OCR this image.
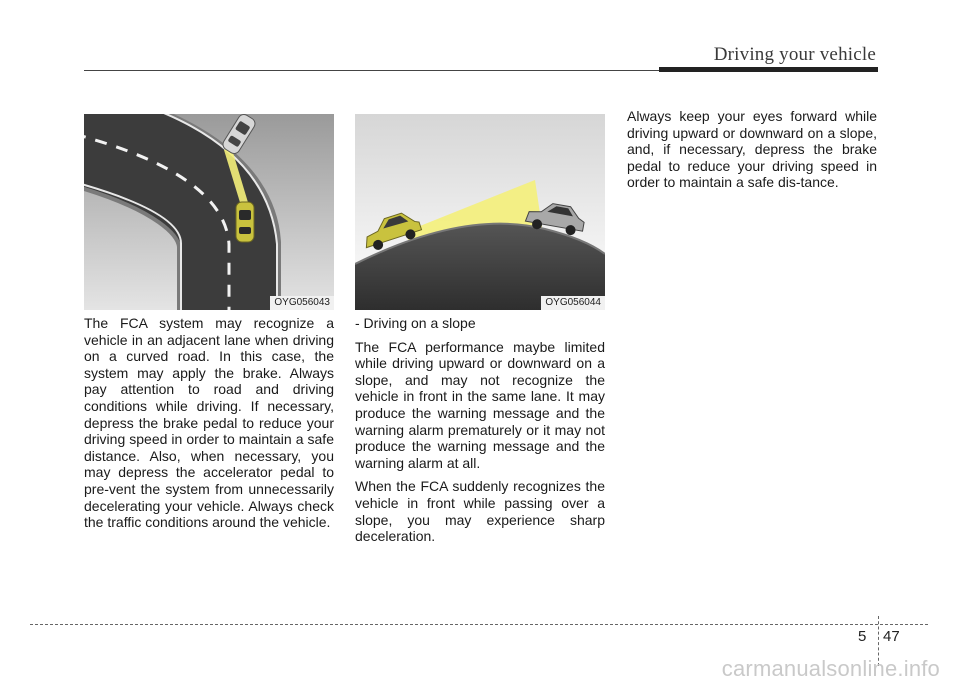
Driving your vehicle
OYG056043	OYG056044

The FCA system may recognize a vehicle in an adjacent lane when driving on a curved road. In this case, the system may apply the brake. Always pay attention to road and driving conditions while driving. If necessary, depress the brake pedal to reduce your driving speed in order to maintain a safe distance. Also, when necessary, you may depress the accelerator pedal to pre-vent the system from unnecessarily decelerating your vehicle. Always check the traffic conditions around the vehicle.

- Driving on a slope

The FCA performance maybe limited while driving upward or downward on a slope, and may not recognize the vehicle in front in the same lane. It may produce the warning message and the warning alarm prematurely or it may not produce the warning message and the warning alarm at all.

When the FCA suddenly recognizes the vehicle in front while passing over a slope, you may experience sharp deceleration.

Always keep your eyes forward while driving upward or downward on a slope, and, if necessary, depress the brake pedal to reduce your driving speed in order to maintain a safe dis-tance.

5 47
carmanualsonline.info
